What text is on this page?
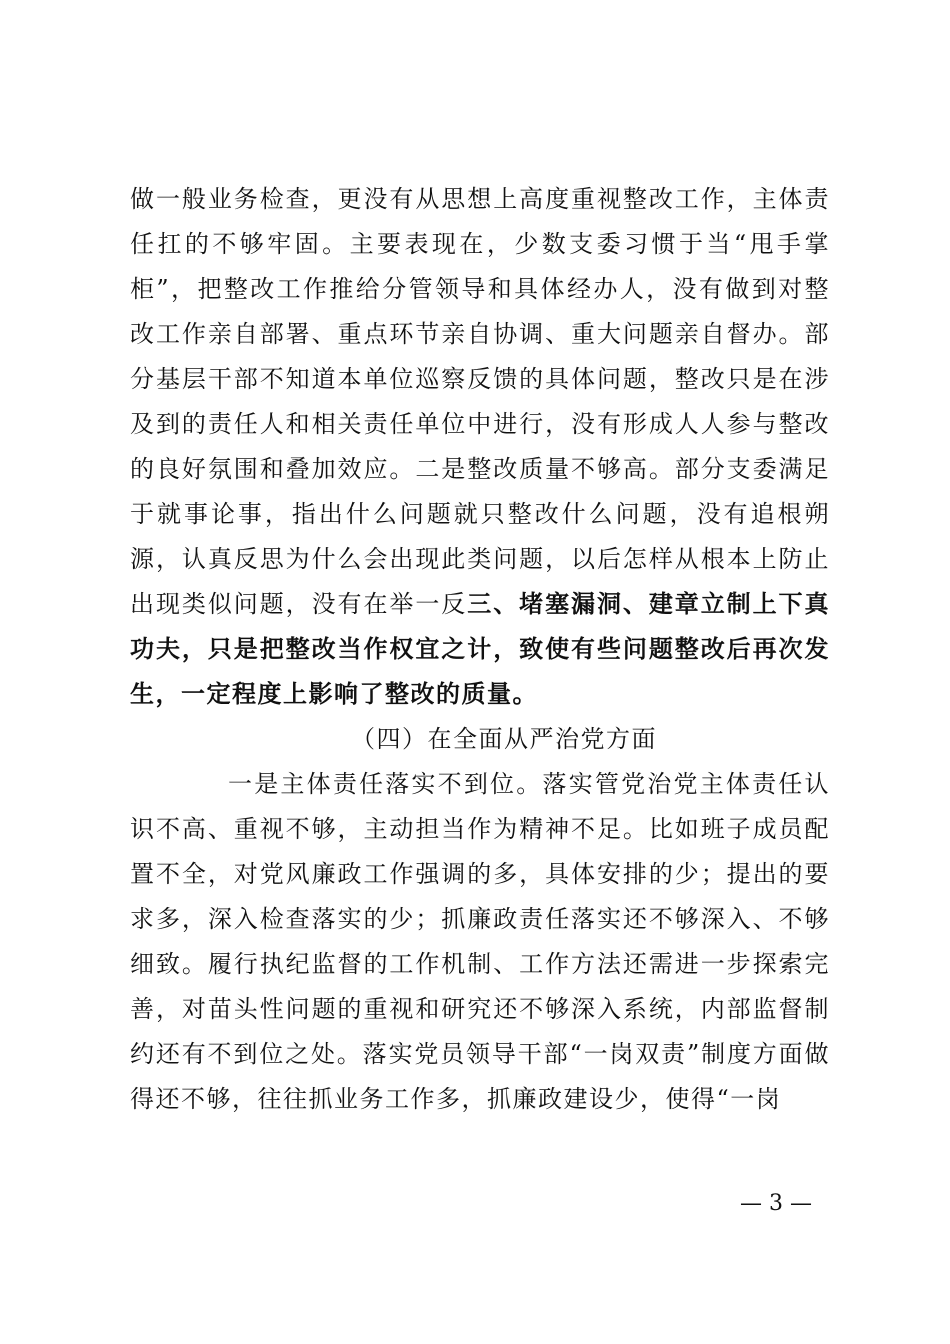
做一般业务检查，更没有从思想上高度重视整改工作，主体责任扛的不够牢固。主要表现在，少数支委习惯于当“甩手掌柜”，把整改工作推给分管领导和具体经办人，没有做到对整改工作亲自部署、重点环节亲自协调、重大问题亲自督办。部分基层干部不知道本单位巡察反馈的具体问题，整改只是在涉及到的责任人和相关责任单位中进行，没有形成人人参与整改的良好氛围和叠加效应。二是整改质量不够高。部分支委满足于就事论事，指出什么问题就只整改什么问题，没有追根朔源，认真反思为什么会出现此类问题，以后怎样从根本上防止出现类似问题，没有在举一反三、堵塞漏洞、建章立制上下真功夫，只是把整改当作权宜之计，致使有些问题整改后再次发生，一定程度上影响了整改的质量。

（四）在全面从严治党方面

一是主体责任落实不到位。落实管党治党主体责任认识不高、重视不够，主动担当作为精神不足。比如班子成员配置不全，对党风廉政工作强调的多，具体安排的少；提出的要求多，深入检查落实的少；抓廉政责任落实还不够深入、不够细致。履行执纪监督的工作机制、工作方法还需进一步探索完善，对苗头性问题的重视和研究还不够深入系统，内部监督制约还有不到位之处。落实党员领导干部“一岗双责”制度方面做得还不够，往往抓业务工作多，抓廉政建设少，使得“一岗

— 3 —
